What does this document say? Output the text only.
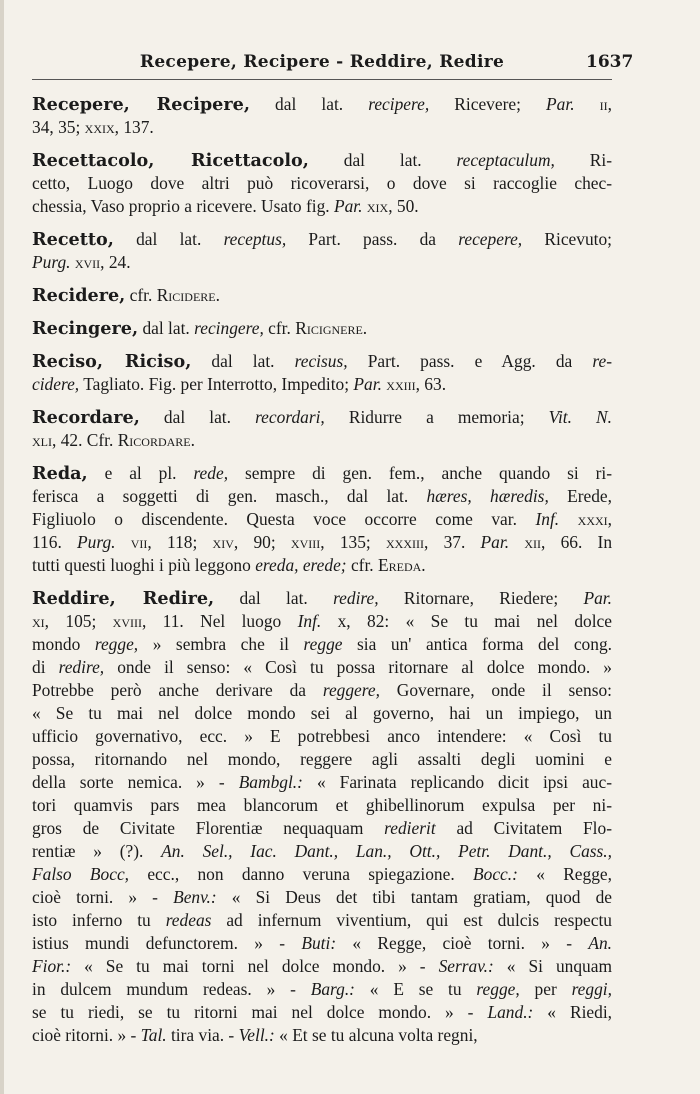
Recepere, Recipere - Reddire, Redire	1637
Recepere, Recipere, dal lat. recipere, Ricevere; Par. ii,
34, 35; xxix, 137.
Recettacolo, Ricettacolo, dal lat. receptaculum, Ri-
cetto, Luogo dove altri può ricoverarsi, o dove si raccoglie chec-
chessia, Vaso proprio a ricevere. Usato fig. Par. xix, 50.
Recetto, dal lat. receptus, Part. pass. da recepere, Ricevuto;
Purg. xvii, 24.
Recidere, cfr. Ricidere.
Recingere, dal lat. recingere, cfr. Ricignere.
Reciso, Riciso, dal lat. recisus, Part. pass. e Agg. da re-
cidere, Tagliato. Fig. per Interrotto, Impedito; Par. xxiii, 63.
Recordare, dal lat. recordari, Ridurre a memoria; Vit. N.
xli, 42. Cfr. Ricordare.
Reda, e al pl. rede, sempre di gen. fem., anche quando si ri-
ferisca a soggetti di gen. masch., dal lat. hæres, hæredis, Erede,
Figliuolo o discendente. Questa voce occorre come var. Inf. xxxi,
116. Purg. vii, 118; xiv, 90; xviii, 135; xxxiii, 37. Par. xii, 66. In
tutti questi luoghi i più leggono ereda, erede; cfr. Ereda.
Reddire, Redire, dal lat. redire, Ritornare, Riedere; Par.
xi, 105; xviii, 11. Nel luogo Inf. x, 82: « Se tu mai nel dolce
mondo regge, » sembra che il regge sia un' antica forma del cong.
di redire, onde il senso: « Così tu possa ritornare al dolce mondo. »
Potrebbe però anche derivare da reggere, Governare, onde il senso:
« Se tu mai nel dolce mondo sei al governo, hai un impiego, un
ufficio governativo, ecc. » E potrebbesi anco intendere: « Così tu
possa, ritornando nel mondo, reggere agli assalti degli uomini e
della sorte nemica. » - Bambgl.: « Farinata replicando dicit ipsi auc-
tori quamvis pars mea blancorum et ghibellinorum expulsa per ni-
gros de Civitate Florentiæ nequaquam redierit ad Civitatem Flo-
rentiæ » (?). An. Sel., Iac. Dant., Lan., Ott., Petr. Dant., Cass.,
Falso Bocc, ecc., non danno veruna spiegazione. Bocc.: « Regge,
cioè torni. » - Benv.: « Si Deus det tibi tantam gratiam, quod de
isto inferno tu redeas ad infernum viventium, qui est dulcis respectu
istius mundi defunctorem. » - Buti: « Regge, cioè torni. » - An.
Fior.: « Se tu mai torni nel dolce mondo. » - Serrav.: « Si unquam
in dulcem mundum redeas. » - Barg.: « E se tu regge, per reggi,
se tu riedi, se tu ritorni mai nel dolce mondo. » - Land.: « Riedi,
cioè ritorni. » - Tal. tira via. - Vell.: « Et se tu alcuna volta regni,
